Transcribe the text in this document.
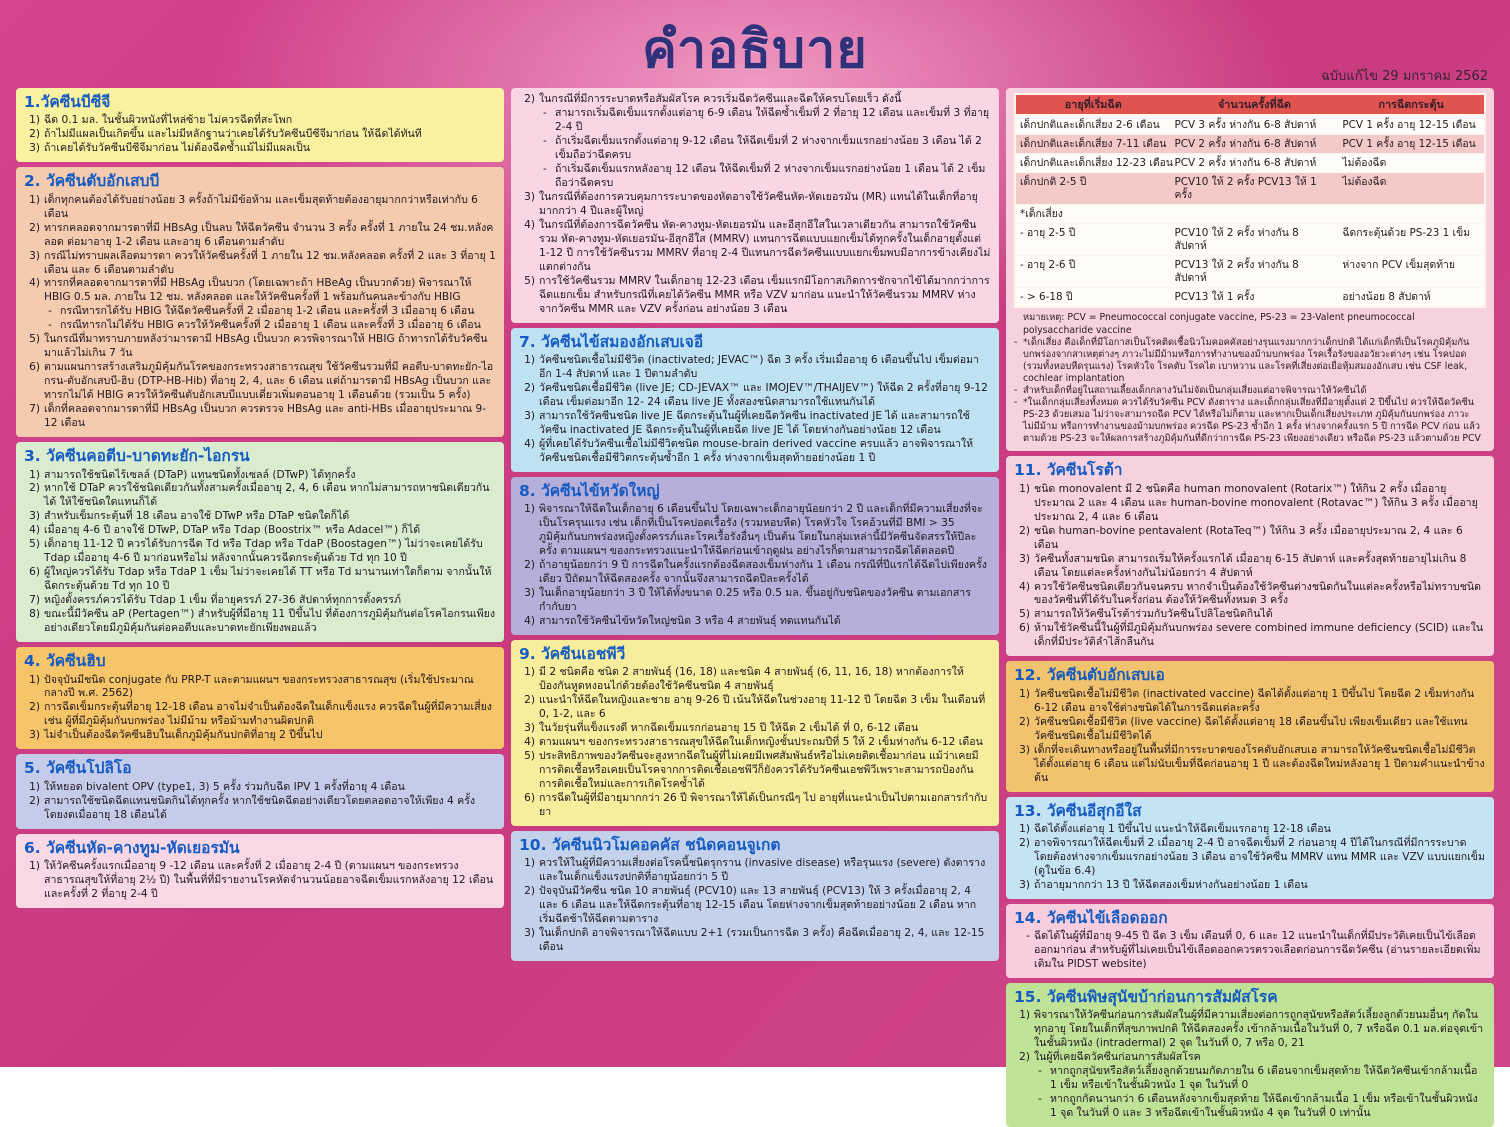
คำอธิบาย	ฉบับแก้ไข 29 มกราคม 2562
1.วัคซีนบีซีจี
1) ฉีด 0.1 มล. ในชั้นผิวหนังที่ไหล่ซ้าย ไม่ควรฉีดที่สะโพก
2) ถ้าไม่มีแผลเป็นเกิดขึ้น และไม่มีหลักฐานว่าเคยได้รับวัคซีนบีซีจีมาก่อน ให้ฉีดได้ทันที
3) ถ้าเคยได้รับวัคซีนบีซีจีมาก่อน ไม่ต้องฉีดซ้ำแม้ไม่มีแผลเป็น
2. วัคซีนตับอักเสบบี
1) เด็กทุกคนต้องได้รับอย่างน้อย 3 ครั้งถ้าไม่มีข้อห้าม และเข็มสุดท้ายต้องอายุมากกว่าหรือเท่ากับ 6 เดือน
2) ทารกคลอดจากมารดาที่มี HBsAg เป็นลบ ให้ฉีดวัคซีน จำนวน 3 ครั้ง ครั้งที่ 1 ภายใน 24 ชม.หลังคลอด ต่อมาอายุ 1-2 เดือน และอายุ 6 เดือนตามลำดับ
3) กรณีไม่ทราบผลเลือดมารดา ควรให้วัคซีนครั้งที่ 1 ภายใน 12 ชม.หลังคลอด ครั้งที่ 2 และ 3 ที่อายุ 1 เดือน และ 6 เดือนตามลำดับ
4) ทารกที่คลอดจากมารดาที่มี HBsAg เป็นบวก (โดยเฉพาะถ้า HBeAg เป็นบวกด้วย) พิจารณาให้ HBIG 0.5 มล. ภายใน 12 ชม. หลังคลอด และให้วัคซีนครั้งที่ 1 พร้อมกันคนละข้างกับ HBIG
- กรณีทารกได้รับ HBIG ให้ฉีดวัคซีนครั้งที่ 2 เมื่ออายุ 1-2 เดือน และครั้งที่ 3 เมื่ออายุ 6 เดือน
- กรณีทารกไม่ได้รับ HBIG ควรให้วัคซีนครั้งที่ 2 เมื่ออายุ 1 เดือน และครั้งที่ 3 เมื่ออายุ 6 เดือน
5) ในกรณีที่มาทราบภายหลังว่ามารดามี HBsAg เป็นบวก ควรพิจารณาให้ HBIG ถ้าทารกได้รับวัคซีนมาแล้วไม่เกิน 7 วัน
6) ตามแผนการสร้างเสริมภูมิคุ้มกันโรคของกระทรวงสาธารณสุข ใช้วัคซีนรวมที่มี คอตีบ-บาดทะยัก-ไอกรน-ตับอักเสบบี-ฮิบ (DTP-HB-Hib) ที่อายุ 2, 4, และ 6 เดือน แต่ถ้ามารดามี HBsAg เป็นบวก และทารกไม่ได้ HBIG ควรให้วัคซีนตับอักเสบบีแบบเดี่ยวเพิ่มตอนอายุ 1 เดือนด้วย (รวมเป็น 5 ครั้ง)
7) เด็กที่คลอดจากมารดาที่มี HBsAg เป็นบวก ควรตรวจ HBsAg และ anti-HBs เมื่ออายุประมาณ 9-12 เดือน
3. วัคซีนคอตีบ-บาดทะยัก-ไอกรน
1) สามารถใช้ชนิดไร้เซลล์ (DTaP) แทนชนิดทั้งเซลล์ (DTwP) ได้ทุกครั้ง
2) หากใช้ DTaP ควรใช้ชนิดเดียวกันทั้งสามครั้งเมื่ออายุ 2, 4, 6 เดือน หากไม่สามารถหาชนิดเดียวกันได้ ให้ใช้ชนิดใดแทนก็ได้
3) สำหรับเข็มกระตุ้นที่ 18 เดือน อาจใช้ DTwP หรือ DTaP ชนิดใดก็ได้
4) เมื่ออายุ 4-6 ปี อาจใช้ DTwP, DTaP หรือ Tdap (Boostrix™ หรือ Adacel™) ก็ได้
5) เด็กอายุ 11-12 ปี ควรได้รับการฉีด Td หรือ Tdap หรือ TdaP (Boostagen™) ไม่ว่าจะเคยได้รับ Tdap เมื่ออายุ 4-6 ปี มาก่อนหรือไม่ หลังจากนั้นควรฉีดกระตุ้นด้วย Td ทุก 10 ปี
6) ผู้ใหญ่ควรได้รับ Tdap หรือ TdaP 1 เข็ม ไม่ว่าจะเคยได้ TT หรือ Td มานานเท่าใดก็ตาม จากนั้นให้ฉีดกระตุ้นด้วย Td ทุก 10 ปี
7) หญิงตั้งครรภ์ควรได้รับ Tdap 1 เข็ม ที่อายุครรภ์ 27-36 สัปดาห์ทุกการตั้งครรภ์
8) ขณะนี้มีวัคซีน aP (Pertagen™) สำหรับผู้ที่มีอายุ 11 ปีขึ้นไป ที่ต้องการภูมิคุ้มกันต่อโรคไอกรนเพียงอย่างเดียวโดยมีภูมิคุ้มกันต่อคอตีบและบาดทะยักเพียงพอแล้ว
4. วัคซีนฮิบ
1) ปัจจุบันมีชนิด conjugate กับ PRP-T และตามแผนฯ ของกระทรวงสาธารณสุข (เริ่มใช้ประมาณกลางปี พ.ศ. 2562)
2) การฉีดเข็มกระตุ้นที่อายุ 12-18 เดือน อาจไม่จำเป็นต้องฉีดในเด็กแข็งแรง ควรฉีดในผู้ที่มีความเสี่ยงเช่น ผู้ที่มีภูมิคุ้มกันบกพร่อง ไม่มีม้าม หรือม้ามทำงานผิดปกติ
3) ไม่จำเป็นต้องฉีดวัคซีนฮิบในเด็กภูมิคุ้มกันปกติที่อายุ 2 ปีขึ้นไป
5. วัคซีนโปลิโอ
1) ให้หยอด bivalent OPV (type1, 3) 5 ครั้ง ร่วมกับฉีด IPV 1 ครั้งที่อายุ 4 เดือน
2) สามารถใช้ชนิดฉีดแทนชนิดกินได้ทุกครั้ง หากใช้ชนิดฉีดอย่างเดียวโดยตลอดอาจให้เพียง 4 ครั้ง โดยงดเมื่ออายุ 18 เดือนได้
6. วัคซีนหัด-คางทูม-หัดเยอรมัน
1) ให้วัคซีนครั้งแรกเมื่ออายุ 9 -12 เดือน และครั้งที่ 2 เมื่ออายุ 2-4 ปี (ตามแผนฯ ของกระทรวงสาธารณสุขให้ที่อายุ 2½ ปี) ในพื้นที่ที่มีรายงานโรคหัดจำนวนน้อยอาจฉีดเข็มแรกหลังอายุ 12 เดือน และครั้งที่ 2 ที่อายุ 2-4 ปี
2) ในกรณีที่มีการระบาดหรือสัมผัสโรค ควรเริ่มฉีดวัคซีนและฉีดให้ครบโดยเร็ว ดังนี้
- สามารถเริ่มฉีดเข็มแรกตั้งแต่อายุ 6-9 เดือน ให้ฉีดซ้ำเข็มที่ 2 ที่อายุ 12 เดือน และเข็มที่ 3 ที่อายุ 2-4 ปี
- ถ้าเริ่มฉีดเข็มแรกตั้งแต่อายุ 9-12 เดือน ให้ฉีดเข็มที่ 2 ห่างจากเข็มแรกอย่างน้อย 3 เดือน ได้ 2 เข็มถือว่าฉีดครบ
- ถ้าเริ่มฉีดเข็มแรกหลังอายุ 12 เดือน ให้ฉีดเข็มที่ 2 ห่างจากเข็มแรกอย่างน้อย 1 เดือน ได้ 2 เข็มถือว่าฉีดครบ
3) ในกรณีที่ต้องการควบคุมการระบาดของหัดอาจใช้วัคซีนหัด-หัดเยอรมัน (MR) แทนได้ในเด็กที่อายุมากกว่า 4 ปีและผู้ใหญ่
4) ในกรณีที่ต้องการฉีดวัคซีน หัด-คางทูม-หัดเยอรมัน และอีสุกอีใสในเวลาเดียวกัน สามารถใช้วัคซีนรวม หัด-คางทูม-หัดเยอรมัน-อีสุกอีใส (MMRV) แทนการฉีดแบบแยกเข็มได้ทุกครั้งในเด็กอายุตั้งแต่ 1-12 ปี การใช้วัคซีนรวม MMRV ที่อายุ 2-4 ปีแทนการฉีดวัคซีนแบบแยกเข็มพบมีอาการข้างเคียงไม่แตกต่างกัน
5) การใช้วัคซีนรวม MMRV ในเด็กอายุ 12-23 เดือน เข็มแรกมีโอกาสเกิดการชักจากไข้ได้มากกว่าการฉีดแยกเข็ม สำหรับกรณีที่เคยได้วัคซีน MMR หรือ VZV มาก่อน แนะนำให้วัคซีนรวม MMRV ห่างจากวัคซีน MMR และ VZV ครั้งก่อน อย่างน้อย 3 เดือน
7. วัคซีนไข้สมองอักเสบเจอี
1) วัคซีนชนิดเชื้อไม่มีชีวิต (inactivated; JEVAC™) ฉีด 3 ครั้ง เริ่มเมื่ออายุ 6 เดือนขึ้นไป เข็มต่อมา อีก 1-4 สัปดาห์ และ 1 ปีตามลำดับ
2) วัคซีนชนิดเชื้อมีชีวิต (live JE; CD-JEVAX™ และ IMOJEV™/THAIJEV™) ให้ฉีด 2 ครั้งที่อายุ 9-12 เดือน เข็มต่อมาอีก 12- 24 เดือน live JE ทั้งสองชนิดสามารถใช้แทนกันได้
3) สามารถใช้วัคซีนชนิด live JE ฉีดกระตุ้นในผู้ที่เคยฉีดวัคซีน inactivated JE ได้ และสามารถใช้วัคซีน inactivated JE ฉีดกระตุ้นในผู้ที่เคยฉีด live JE ได้ โดยห่างกันอย่างน้อย 12 เดือน
4) ผู้ที่เคยได้รับวัคซีนเชื้อไม่มีชีวิตชนิด mouse-brain derived vaccine ครบแล้ว อาจพิจารณาให้วัคซีนชนิดเชื้อมีชีวิตกระตุ้นซ้ำอีก 1 ครั้ง ห่างจากเข็มสุดท้ายอย่างน้อย 1 ปี
8. วัคซีนไข้หวัดใหญ่
1) พิจารณาให้ฉีดในเด็กอายุ 6 เดือนขึ้นไป โดยเฉพาะเด็กอายุน้อยกว่า 2 ปี และเด็กที่มีความเสี่ยงที่จะเป็นโรครุนแรง เช่น เด็กที่เป็นโรคปอดเรื้อรัง (รวมหอบหืด) โรคหัวใจ โรคอ้วนที่มี BMI > 35 ภูมิคุ้มกันบกพร่องหญิงตั้งครรภ์และโรคเรื้อรังอื่นๆ เป็นต้น โดยในกลุ่มเหล่านี้มีวัคซีนจัดสรรให้ปีละครั้ง ตามแผนฯ ของกระทรวงแนะนำให้ฉีดก่อนเข้าฤดูฝน อย่างไรก็ตามสามารถฉีดได้ตลอดปี
2) ถ้าอายุน้อยกว่า 9 ปี การฉีดในครั้งแรกต้องฉีดสองเข็มห่างกัน 1 เดือน กรณีที่ปีแรกได้ฉีดไปเพียงครั้งเดียว ปีถัดมาให้ฉีดสองครั้ง จากนั้นจึงสามารถฉีดปีละครั้งได้
3) ในเด็กอายุน้อยกว่า 3 ปี ให้ได้ทั้งขนาด 0.25 หรือ 0.5 มล. ขึ้นอยู่กับชนิดของวัคซีน ตามเอกสารกำกับยา
4) สามารถใช้วัคซีนไข้หวัดใหญ่ชนิด 3 หรือ 4 สายพันธุ์ ทดแทนกันได้
9. วัคซีนเอชพีวี
1) มี 2 ชนิดคือ ชนิด 2 สายพันธุ์ (16, 18) และชนิด 4 สายพันธุ์ (6, 11, 16, 18) หากต้องการให้ป้องกันหูดหงอนไก่ด้วยต้องใช้วัคซีนชนิด 4 สายพันธุ์
2) แนะนำให้ฉีดในหญิงและชาย อายุ 9-26 ปี เน้นให้ฉีดในช่วงอายุ 11-12 ปี โดยฉีด 3 เข็ม ในเดือนที่ 0, 1-2, และ 6
3) ในวัยรุ่นที่แข็งแรงดี หากฉีดเข็มแรกก่อนอายุ 15 ปี ให้ฉีด 2 เข็มได้ ที่ 0, 6-12 เดือน
4) ตามแผนฯ ของกระทรวงสาธารณสุขให้ฉีดในเด็กหญิงชั้นประถมปีที่ 5 ให้ 2 เข็มห่างกัน 6-12 เดือน
5) ประสิทธิภาพของวัคซีนจะสูงหากฉีดในผู้ที่ไม่เคยมีเพศสัมพันธ์หรือไม่เคยติดเชื้อมาก่อน แม้ว่าเคยมีการติดเชื้อหรือเคยเป็นโรคจากการติดเชื้อเอชพีวีก็ยังควรได้รับวัคซีนเอชพีวีเพราะสามารถป้องกันการติดเชื้อใหม่และการเกิดโรคซ้ำได้
6) การฉีดในผู้ที่มีอายุมากกว่า 26 ปี พิจารณาให้ได้เป็นกรณีๆ ไป อายุที่แนะนำเป็นไปตามเอกสารกำกับยา
10. วัคซีนนิวโมคอคคัส ชนิดคอนจูเกต
1) ควรให้ในผู้ที่มีความเสี่ยงต่อโรคนี้ชนิดรุกราน (invasive disease) หรือรุนแรง (severe) ดังตาราง และในเด็กแข็งแรงปกติที่อายุน้อยกว่า 5 ปี
2) ปัจจุบันมีวัคซีน ชนิด 10 สายพันธุ์ (PCV10) และ 13 สายพันธุ์ (PCV13) ให้ 3 ครั้งเมื่ออายุ 2, 4 และ 6 เดือน และให้ฉีดกระตุ้นที่อายุ 12-15 เดือน โดยห่างจากเข็มสุดท้ายอย่างน้อย 2 เดือน หากเริ่มฉีดช้าให้ฉีดตามตาราง
3) ในเด็กปกติ อาจพิจารณาให้ฉีดแบบ 2+1 (รวมเป็นการฉีด 3 ครั้ง) คือฉีดเมื่ออายุ 2, 4, และ 12-15 เดือน
อายุที่เริ่มฉีด	จำนวนครั้งที่ฉีด	การฉีดกระตุ้น
เด็กปกติและเด็กเสี่ยง 2-6 เดือน	PCV 3 ครั้ง ห่างกัน 6-8 สัปดาห์	PCV 1 ครั้ง อายุ 12-15 เดือน
เด็กปกติและเด็กเสี่ยง 7-11 เดือน	PCV 2 ครั้ง ห่างกัน 6-8 สัปดาห์	PCV 1 ครั้ง อายุ 12-15 เดือน
เด็กปกติและเด็กเสี่ยง 12-23 เดือน	PCV 2 ครั้ง ห่างกัน 6-8 สัปดาห์	ไม่ต้องฉีด
เด็กปกติ 2-5 ปี	PCV10 ให้ 2 ครั้ง PCV13 ให้ 1 ครั้ง	ไม่ต้องฉีด
*เด็กเสี่ยง		
- อายุ 2-5 ปี	PCV10 ให้ 2 ครั้ง ห่างกัน 8 สัปดาห์	ฉีดกระตุ้นด้วย PS-23 1 เข็ม
- อายุ 2-6 ปี	PCV13 ให้ 2 ครั้ง ห่างกัน 8 สัปดาห์	ห่างจาก PCV เข็มสุดท้าย
- > 6-18 ปี	PCV13 ให้ 1 ครั้ง	อย่างน้อย 8 สัปดาห์
หมายเหตุ: PCV = Pneumococcal conjugate vaccine, PS-23 = 23-Valent pneumococcal polysaccharide vaccine
- *เด็กเสี่ยง คือเด็กที่มีโอกาสเป็นโรคติดเชื้อนิวโมคอคคัสอย่างรุนแรงมากกว่าเด็กปกติ ได้แก่เด็กที่เป็นโรคภูมิคุ้มกันบกพร่องจากสาเหตุต่างๆ ภาวะไม่มีม้ามหรือการทำงานของม้ามบกพร่อง โรคเรื้อรังของอวัยวะต่างๆ เช่น โรคปอด (รวมทั้งหอบหืดรุนแรง) โรคหัวใจ โรคตับ โรคไต เบาหวาน และโรคที่เสี่ยงต่อเยื่อหุ้มสมองอักเสบ เช่น CSF leak, cochlear implantation
- สำหรับเด็กที่อยู่ในสถานเลี้ยงเด็กกลางวันไม่จัดเป็นกลุ่มเสี่ยงแต่อาจพิจารณาให้วัคซีนได้
- *ในเด็กกลุ่มเสี่ยงทั้งหมด ควรได้รับวัคซีน PCV ดังตาราง และเด็กกลุ่มเสี่ยงที่มีอายุตั้งแต่ 2 ปีขึ้นไป ควรให้ฉีดวัคซีน PS-23 ด้วยเสมอ ไม่ว่าจะสามารถฉีด PCV ได้หรือไม่ก็ตาม และหากเป็นเด็กเสี่ยงประเภท ภูมิคุ้มกันบกพร่อง ภาวะไม่มีม้าม หรือการทำงานของม้ามบกพร่อง ควรฉีด PS-23 ซ้ำอีก 1 ครั้ง ห่างจากครั้งแรก 5 ปี การฉีด PCV ก่อน แล้วตามด้วย PS-23 จะให้ผลการสร้างภูมิคุ้มกันที่ดีกว่าการฉีด PS-23 เพียงอย่างเดียว หรือฉีด PS-23 แล้วตามด้วย PCV
11. วัคซีนโรต้า
1) ชนิด monovalent มี 2 ชนิดคือ human monovalent (Rotarix™) ให้กิน 2 ครั้ง เมื่ออายุประมาณ 2 และ 4 เดือน และ human-bovine monovalent (Rotavac™) ให้กิน 3 ครั้ง เมื่ออายุประมาณ 2, 4 และ 6 เดือน
2) ชนิด human-bovine pentavalent (RotaTeq™) ให้กิน 3 ครั้ง เมื่ออายุประมาณ 2, 4 และ 6 เดือน
3) วัคซีนทั้งสามชนิด สามารถเริ่มให้ครั้งแรกได้ เมื่ออายุ 6-15 สัปดาห์ และครั้งสุดท้ายอายุไม่เกิน 8 เดือน โดยแต่ละครั้งห่างกันไม่น้อยกว่า 4 สัปดาห์
4) ควรใช้วัคซีนชนิดเดียวกันจนครบ หากจำเป็นต้องใช้วัคซีนต่างชนิดกันในแต่ละครั้งหรือไม่ทราบชนิดของวัคซีนที่ได้รับในครั้งก่อน ต้องให้วัคซีนทั้งหมด 3 ครั้ง
5) สามารถให้วัคซีนโรต้าร่วมกับวัคซีนโปลิโอชนิดกินได้
6) ห้ามใช้วัคซีนนี้ในผู้ที่มีภูมิคุ้มกันบกพร่อง severe combined immune deficiency (SCID) และในเด็กที่มีประวัติลำไส้กลืนกัน
12. วัคซีนตับอักเสบเอ
1) วัคซีนชนิดเชื้อไม่มีชีวิต (inactivated vaccine) ฉีดได้ตั้งแต่อายุ 1 ปีขึ้นไป โดยฉีด 2 เข็มห่างกัน 6-12 เดือน อาจใช้ต่างชนิดได้ในการฉีดแต่ละครั้ง
2) วัคซีนชนิดเชื้อมีชีวิต (live vaccine) ฉีดได้ตั้งแต่อายุ 18 เดือนขึ้นไป เพียงเข็มเดียว และใช้แทนวัคซีนชนิดเชื้อไม่มีชีวิตได้
3) เด็กที่จะเดินทางหรืออยู่ในพื้นที่มีการระบาดของโรคตับอักเสบเอ สามารถให้วัคซีนชนิดเชื้อไม่มีชีวิตได้ตั้งแต่อายุ 6 เดือน แต่ไม่นับเข็มที่ฉีดก่อนอายุ 1 ปี และต้องฉีดใหม่หลังอายุ 1 ปีตามคำแนะนำข้างต้น
13. วัคซีนอีสุกอีใส
1) ฉีดได้ตั้งแต่อายุ 1 ปีขึ้นไป แนะนำให้ฉีดเข็มแรกอายุ 12-18 เดือน
2) อาจพิจารณาให้ฉีดเข็มที่ 2 เมื่ออายุ 2-4 ปี อาจฉีดเข็มที่ 2 ก่อนอายุ 4 ปีได้ในกรณีที่มีการระบาด โดยต้องห่างจากเข็มแรกอย่างน้อย 3 เดือน อาจใช้วัคซีน MMRV แทน MMR และ VZV แบบแยกเข็ม (ดูในข้อ 6.4)
3) ถ้าอายุมากกว่า 13 ปี ให้ฉีดสองเข็มห่างกันอย่างน้อย 1 เดือน
14. วัคซีนไข้เลือดออก
- ฉีดได้ในผู้ที่มีอายุ 9-45 ปี ฉีด 3 เข็ม เดือนที่ 0, 6 และ 12 แนะนำในเด็กที่มีประวัติเคยเป็นไข้เลือดออกมาก่อน สำหรับผู้ที่ไม่เคยเป็นไข้เลือดออกควรตรวจเลือดก่อนการฉีดวัคซีน (อ่านรายละเอียดเพิ่มเติมใน PIDST website)
15. วัคซีนพิษสุนัขบ้าก่อนการสัมผัสโรค
1) พิจารณาให้วัคซีนก่อนการสัมผัสในผู้ที่มีความเสี่ยงต่อการถูกสุนัขหรือสัตว์เลี้ยงลูกด้วยนมอื่นๆ กัดในทุกอายุ โดยในเด็กที่สุขภาพปกติ ให้ฉีดสองครั้ง เข้ากล้ามเนื้อในวันที่ 0, 7 หรือฉีด 0.1 มล.ต่อจุดเข้าในชั้นผิวหนัง (intradermal) 2 จุด ในวันที่ 0, 7 หรือ 0, 21
2) ในผู้ที่เคยฉีดวัคซีนก่อนการสัมผัสโรค
- หากถูกสุนัขหรือสัตว์เลี้ยงลูกด้วยนมกัดภายใน 6 เดือนจากเข็มสุดท้าย ให้ฉีดวัคซีนเข้ากล้ามเนื้อ 1 เข็ม หรือเข้าในชั้นผิวหนัง 1 จุด ในวันที่ 0
- หากถูกกัดนานกว่า 6 เดือนหลังจากเข็มสุดท้าย ให้ฉีดเข้ากล้ามเนื้อ 1 เข็ม หรือเข้าในชั้นผิวหนัง 1 จุด ในวันที่ 0 และ 3 หรือฉีดเข้าในชั้นผิวหนัง 4 จุด ในวันที่ 0 เท่านั้น
